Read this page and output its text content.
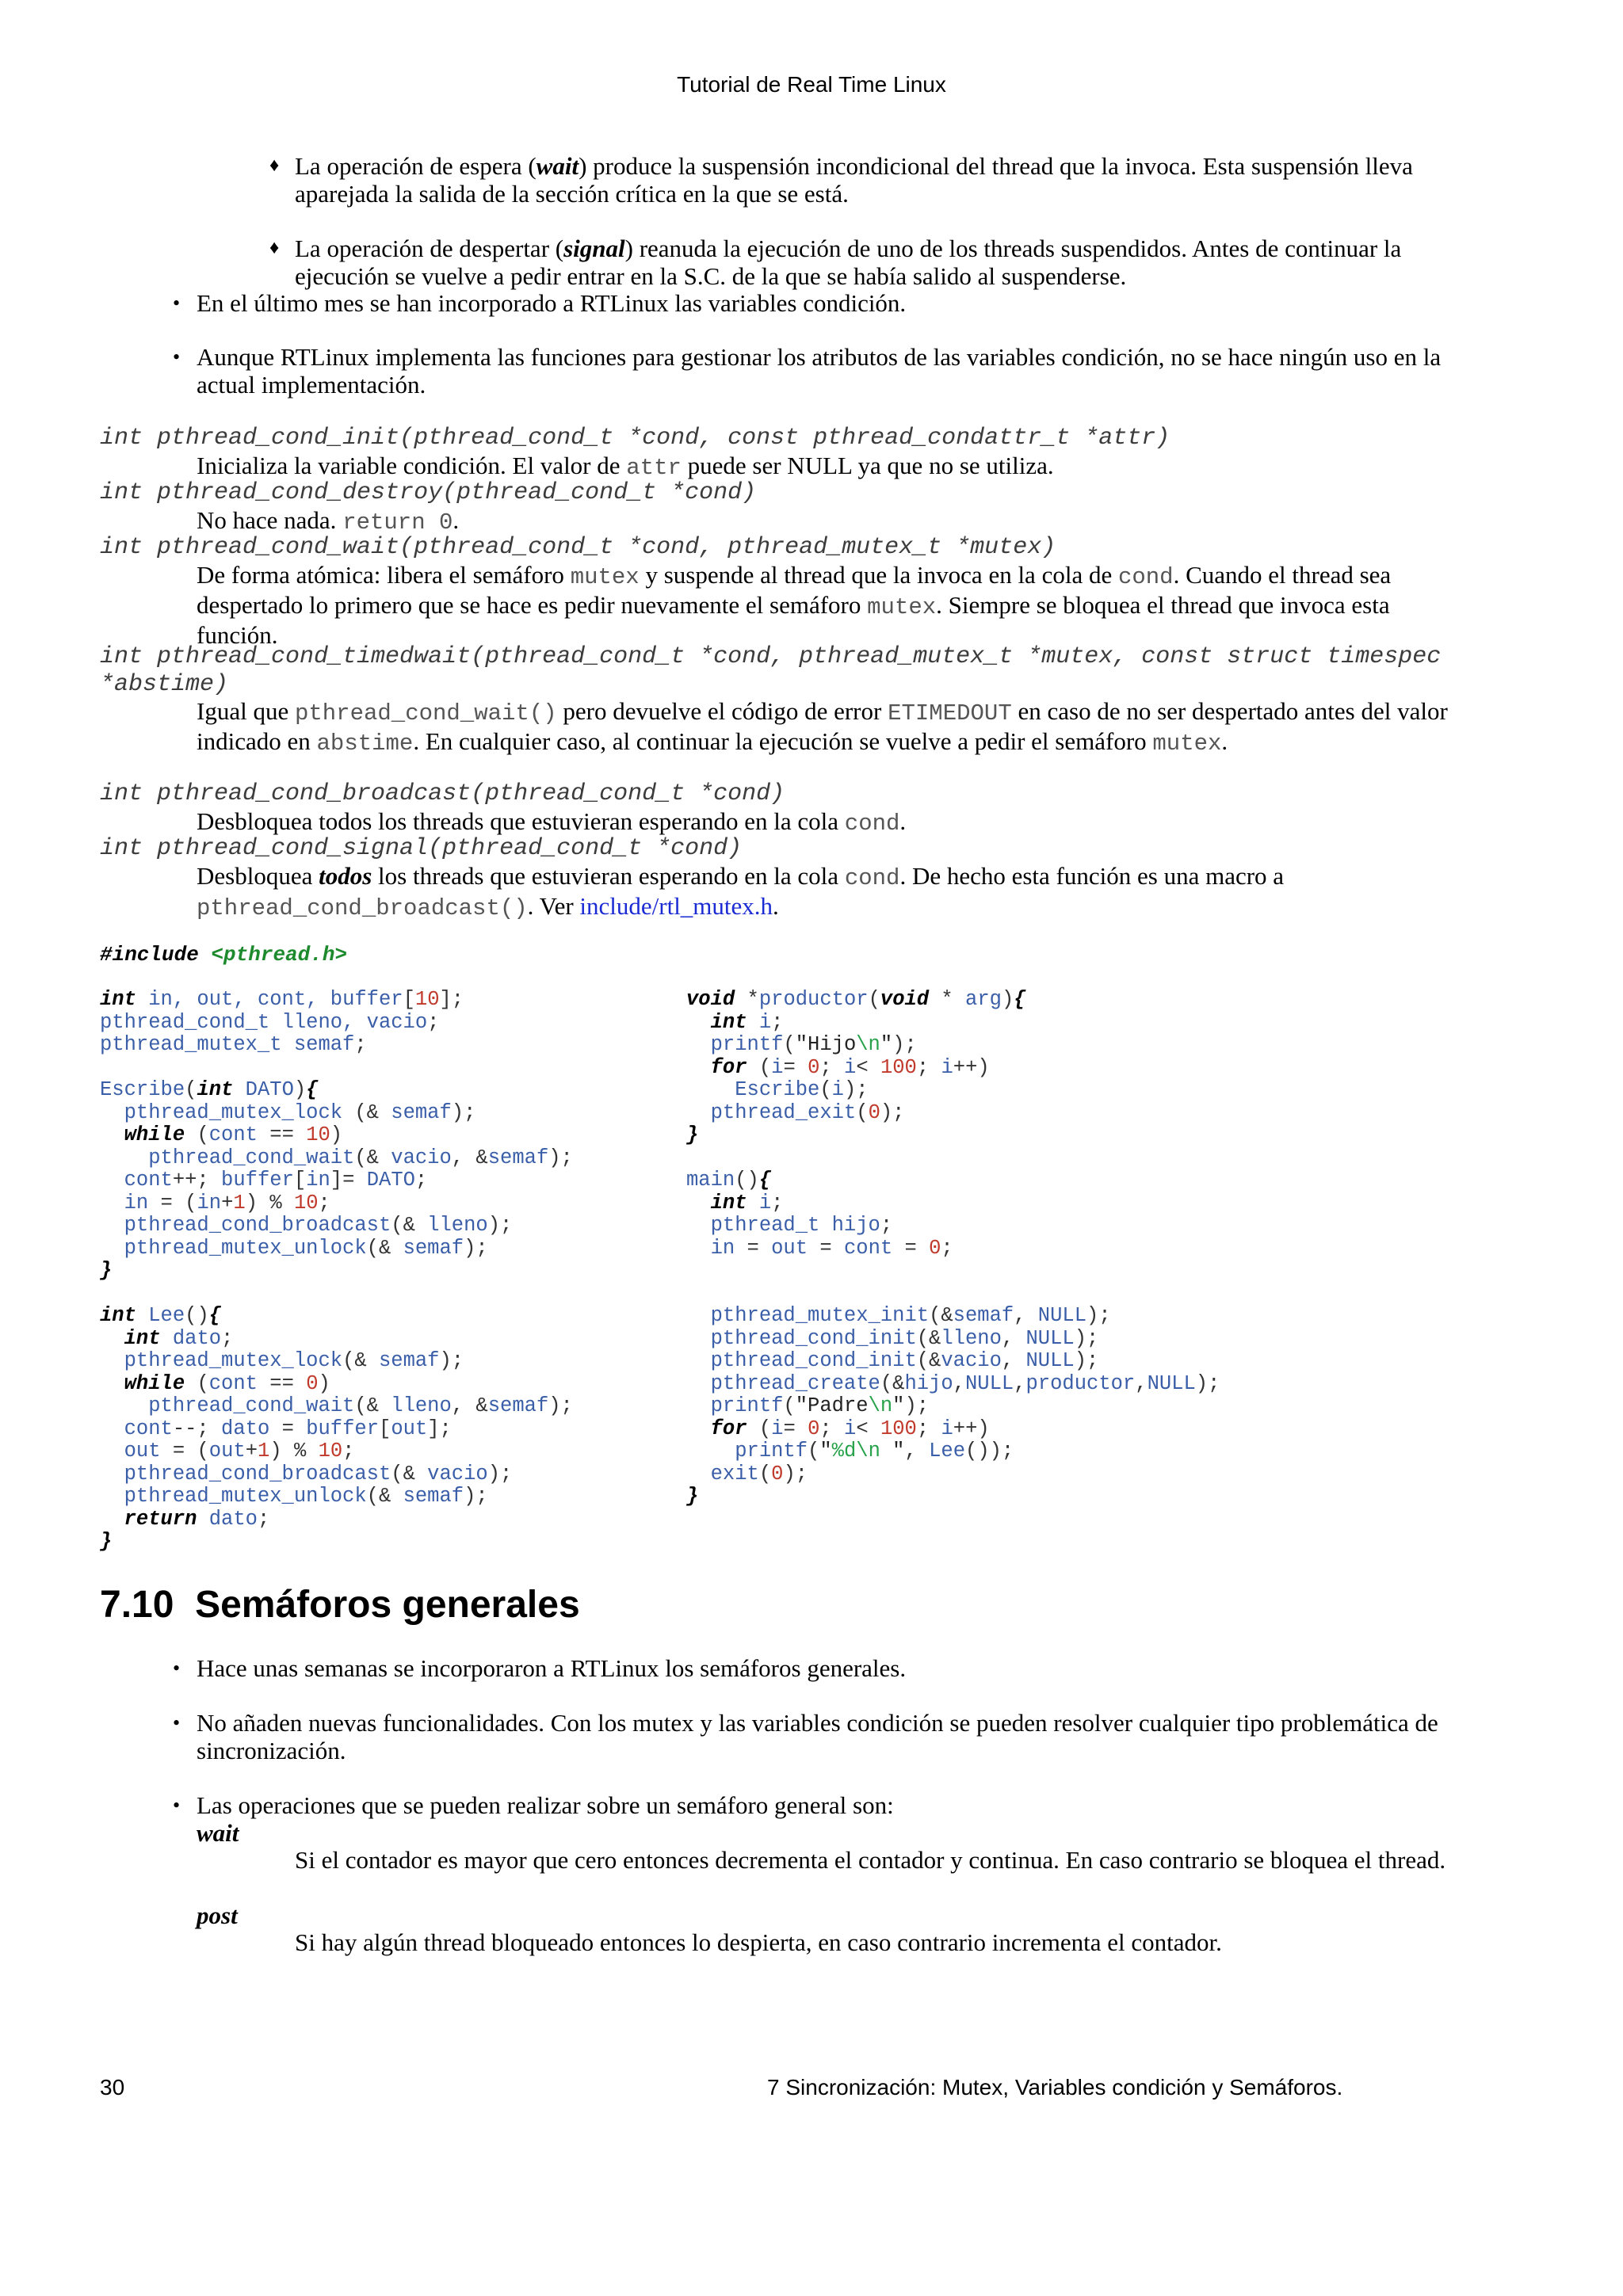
Tutorial de Real Time Linux
♦ La operación de espera (wait) produce la suspensión incondicional del thread que la invoca. Esta suspensión lleva aparejada la salida de la sección crítica en la que se está.
♦ La operación de despertar (signal) reanuda la ejecución de uno de los threads suspendidos. Antes de continuar la ejecución se vuelve a pedir entrar en la S.C. de la que se había salido al suspenderse.
• En el último mes se han incorporado a RTLinux las variables condición.
• Aunque RTLinux implementa las funciones para gestionar los atributos de las variables condición, no se hace ningún uso en la actual implementación.
int pthread_cond_init(pthread_cond_t *cond, const pthread_condattr_t *attr)
Inicializa la variable condición. El valor de attr puede ser NULL ya que no se utiliza.
int pthread_cond_destroy(pthread_cond_t *cond)
No hace nada. return 0.
int pthread_cond_wait(pthread_cond_t *cond, pthread_mutex_t *mutex)
De forma atómica: libera el semáforo mutex y suspende al thread que la invoca en la cola de cond. Cuando el thread sea despertado lo primero que se hace es pedir nuevamente el semáforo mutex. Siempre se bloquea el thread que invoca esta función.
int pthread_cond_timedwait(pthread_cond_t *cond, pthread_mutex_t *mutex, const struct timespec *abstime)
Igual que pthread_cond_wait() pero devuelve el código de error ETIMEDOUT en caso de no ser despertado antes del valor indicado en abstime. En cualquier caso, al continuar la ejecución se vuelve a pedir el semáforo mutex.
int pthread_cond_broadcast(pthread_cond_t *cond)
Desbloquea todos los threads que estuvieran esperando en la cola cond.
int pthread_cond_signal(pthread_cond_t *cond)
Desbloquea todos los threads que estuvieran esperando en la cola cond. De hecho esta función es una macro a pthread_cond_broadcast(). Ver include/rtl_mutex.h.
#include <pthread.h>
int in, out, cont, buffer[10];
pthread_cond_t lleno, vacio;
pthread_mutex_t semaf;

Escribe(int DATO){
pthread_mutex_lock (& semaf);
while (cont == 10)
pthread_cond_wait(& vacio, &semaf);
cont++; buffer[in]= DATO;
in = (in+1) % 10;
pthread_cond_broadcast(& lleno);
pthread_mutex_unlock(& semaf);
}

int Lee(){
int dato;
pthread_mutex_lock(& semaf);
while (cont == 0)
pthread_cond_wait(& lleno, &semaf);
cont--; dato = buffer[out];
out = (out+1) % 10;
pthread_cond_broadcast(& vacio);
pthread_mutex_unlock(& semaf);
return dato;
}
void *productor(void * arg){
int i;
printf("Hijo\n");
for (i= 0; i< 100; i++)
Escribe(i);
pthread_exit(0);
}

main(){
int i;
pthread_t hijo;
in = out = cont = 0;

pthread_mutex_init(&semaf, NULL);
pthread_cond_init(&lleno, NULL);
pthread_cond_init(&vacio, NULL);
pthread_create(&hijo,NULL,productor,NULL);
printf("Padre\n");
for (i= 0; i< 100; i++)
printf("%d\n ", Lee());
exit(0);
}
7.10 Semáforos generales
• Hace unas semanas se incorporaron a RTLinux los semáforos generales.
• No añaden nuevas funcionalidades. Con los mutex y las variables condición se pueden resolver cualquier tipo problemática de sincronización.
• Las operaciones que se pueden realizar sobre un semáforo general son:
wait
Si el contador es mayor que cero entonces decrementa el contador y continua. En caso contrario se bloquea el thread.
post
Si hay algún thread bloqueado entonces lo despierta, en caso contrario incrementa el contador.
30	7 Sincronización: Mutex, Variables condición y Semáforos.
